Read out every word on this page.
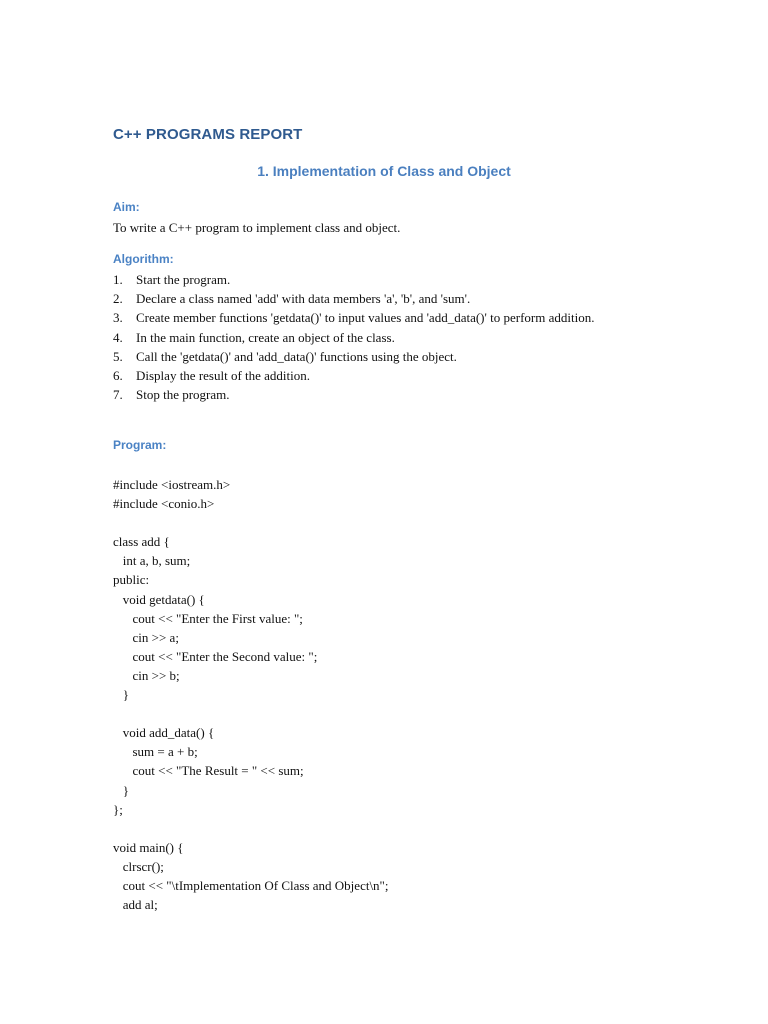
C++ PROGRAMS REPORT
1. Implementation of Class and Object
Aim:

To write a C++ program to implement class and object.

Algorithm:
1. Start the program.
2. Declare a class named 'add' with data members 'a', 'b', and 'sum'.
3. Create member functions 'getdata()' to input values and 'add_data()' to perform addition.
4. In the main function, create an object of the class.
5. Call the 'getdata()' and 'add_data()' functions using the object.
6. Display the result of the addition.
7. Stop the program.
Program:
#include <iostream.h>
#include <conio.h>
class add {
int a, b, sum;
public:
void getdata() {
cout << "Enter the First value: ";
cin >> a;
cout << "Enter the Second value: ";
cin >> b;
}
void add_data() {
sum = a + b;
cout << "The Result = " << sum;
}
};
void main() {
clrscr();
cout << "\tImplementation Of Class and Object\n";
add al;
